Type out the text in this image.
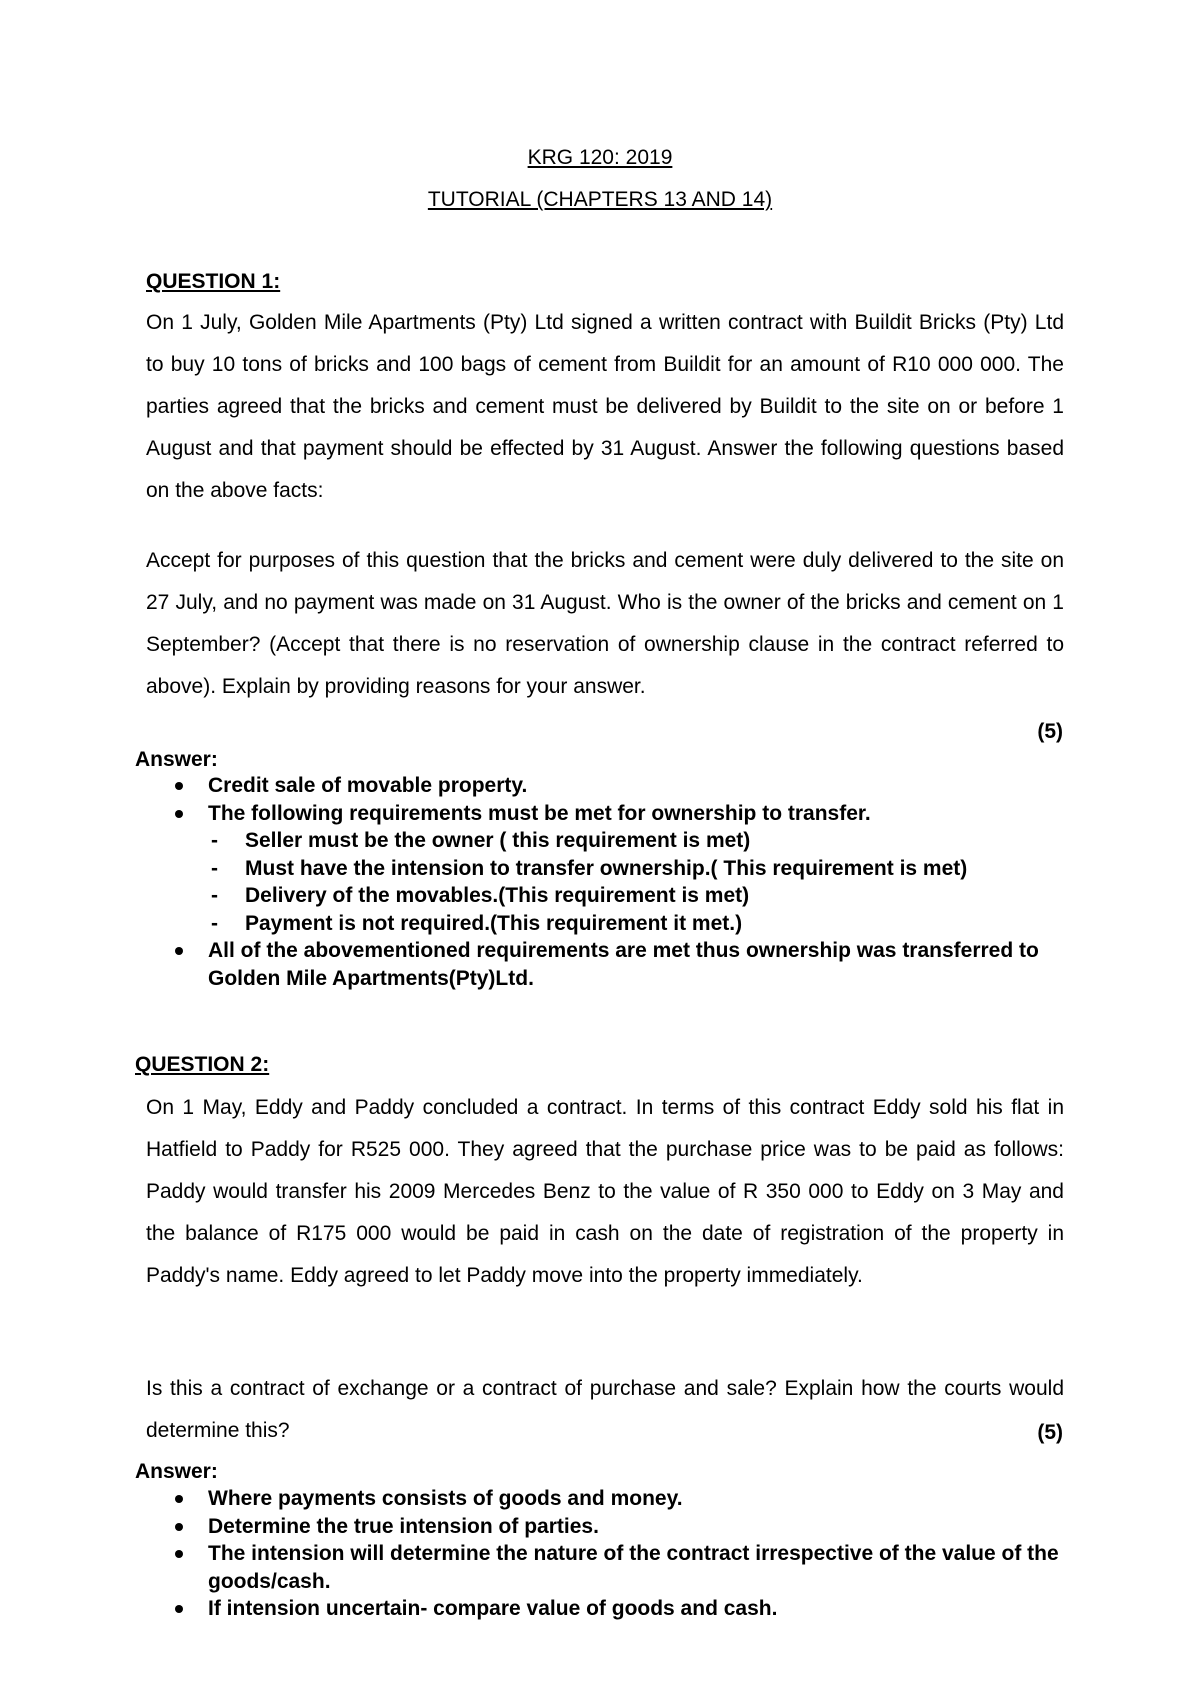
KRG 120: 2019

TUTORIAL (CHAPTERS 13 AND 14)

QUESTION 1:

On 1 July, Golden Mile Apartments (Pty) Ltd signed a written contract with Buildit Bricks (Pty) Ltd to buy 10 tons of bricks and 100 bags of cement from Buildit for an amount of R10 000 000. The parties agreed that the bricks and cement must be delivered by Buildit to the site on or before 1 August and that payment should be effected by 31 August. Answer the following questions based on the above facts:

Accept for purposes of this question that the bricks and cement were duly delivered to the site on 27 July, and no payment was made on 31 August. Who is the owner of the bricks and cement on 1 September? (Accept that there is no reservation of ownership clause in the contract referred to above). Explain by providing reasons for your answer.

(5)

Answer:

Credit sale of movable property.
The following requirements must be met for ownership to transfer.
- Seller must be the owner ( this requirement is met)
- Must have the intension to transfer ownership.( This requirement is met)
- Delivery of the movables.(This requirement is met)
- Payment is not required.(This requirement it met.)
All of the abovementioned requirements are met thus ownership was transferred to Golden Mile Apartments(Pty)Ltd.

QUESTION 2:

On 1 May, Eddy and Paddy concluded a contract. In terms of this contract Eddy sold his flat in Hatfield to Paddy for R525 000. They agreed that the purchase price was to be paid as follows: Paddy would transfer his 2009 Mercedes Benz to the value of R 350 000 to Eddy on 3 May and the balance of R175 000 would be paid in cash on the date of registration of the property in Paddy's name. Eddy agreed to let Paddy move into the property immediately.

Is this a contract of exchange or a contract of purchase and sale? Explain how the courts would determine this?	(5)

Answer:

Where payments consists of goods and money.
Determine the true intension of parties.
The intension will determine the nature of the contract irrespective of the value of the goods/cash.
If intension uncertain- compare value of goods and cash.
